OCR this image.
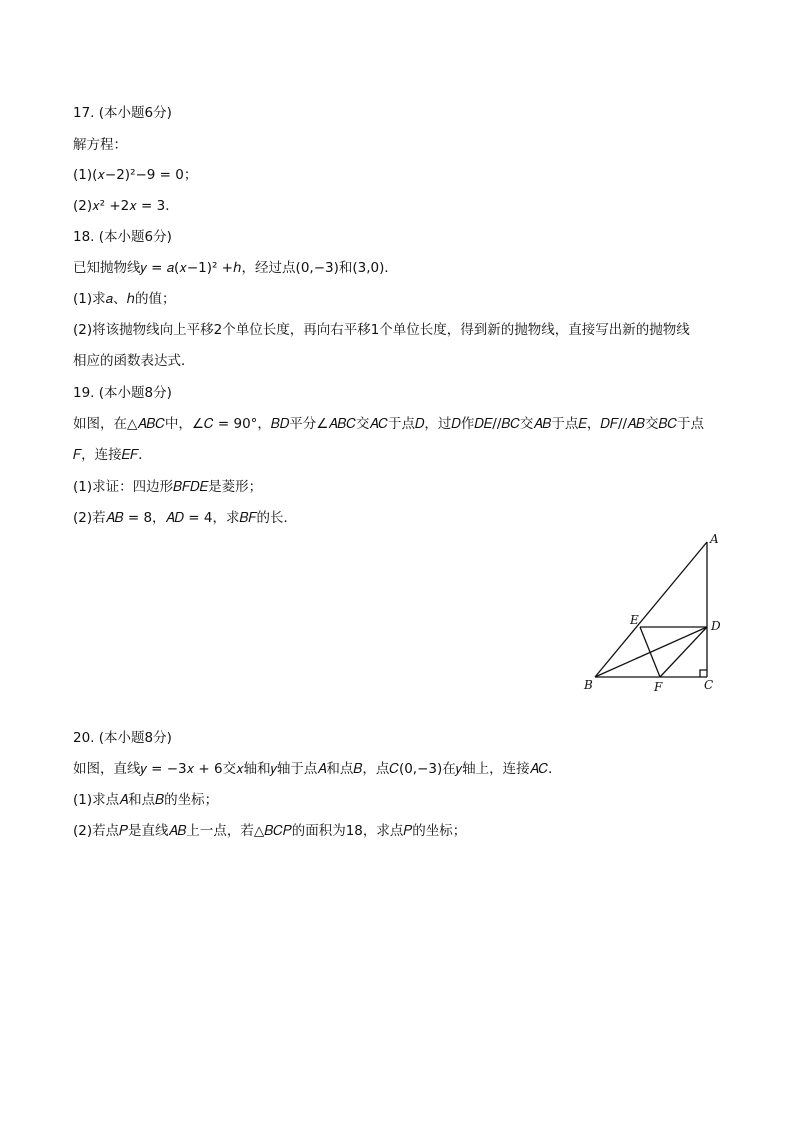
17. (本小题6分)
解方程：
(1)(𝑥−2)²−9 = 0；
(2)𝑥² +2𝑥 = 3．
18. (本小题6分)
已知抛物线𝑦 = 𝑎(𝑥−1)² +ℎ，经过点(0,−3)和(3,0)．
(1)求𝑎、ℎ的值；
(2)将该抛物线向上平移2个单位长度，再向右平移1个单位长度，得到新的抛物线，直接写出新的抛物线
相应的函数表达式．
19. (本小题8分)
如图，在△𝐴𝐵𝐶中，∠𝐶 = 90°，𝐵𝐷平分∠𝐴𝐵𝐶交𝐴𝐶于点𝐷，过𝐷作𝐷𝐸//𝐵𝐶交𝐴𝐵于点𝐸，𝐷𝐹//𝐴𝐵交𝐵𝐶于点
𝐹，连接𝐸𝐹．
(1)求证：四边形𝐵𝐹𝐷𝐸是菱形；
(2)若𝐴𝐵 = 8，𝐴𝐷 = 4，求𝐵𝐹的长．
A
B	C
D
E
F
20. (本小题8分)
如图，直线𝑦 = −3𝑥 + 6交𝑥轴和𝑦轴于点𝐴和点𝐵，点𝐶(0,−3)在𝑦轴上，连接𝐴𝐶．
(1)求点𝐴和点𝐵的坐标；
(2)若点𝑃是直线𝐴𝐵上一点，若△𝐵𝐶𝑃的面积为18，求点𝑃的坐标；
